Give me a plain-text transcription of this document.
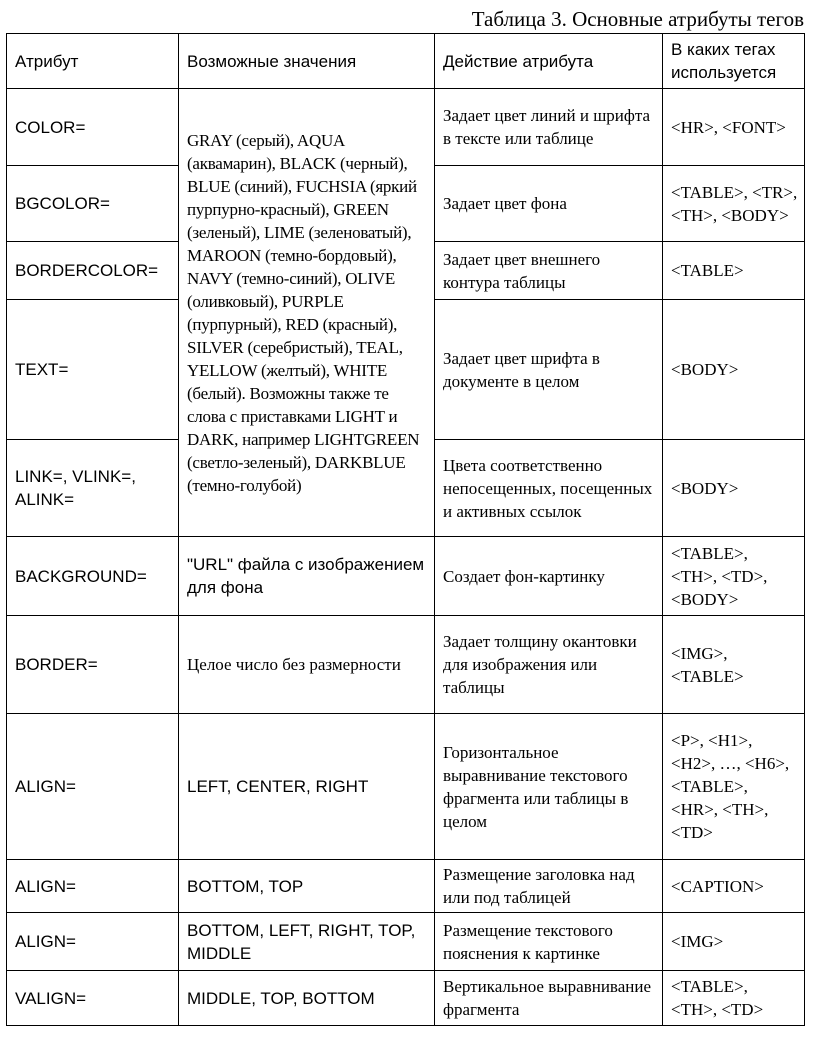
Таблица 3. Основные атрибуты тегов
Атрибут	Возможные значения	Действие атрибута	В каких тегах используется
COLOR=	GRAY (серый), AQUA (аквамарин), BLACK (черный), BLUE (синий), FUCHSIA (яркий пурпурно-красный), GREEN (зеленый), LIME (зеленоватый), MAROON (темно-бордовый), NAVY (темно-синий), OLIVE (оливковый), PURPLE (пурпурный), RED (красный), SILVER (серебристый), TEAL, YELLOW (желтый), WHITE (белый). Возможны также те слова с приставками LIGHT и DARK, например LIGHTGREEN (светло-зеленый), DARKBLUE (темно-голубой)	Задает цвет линий и шрифта в тексте или таблице	<HR>, <FONT>
BGCOLOR=		Задает цвет фона	<TABLE>, <TR>, <TH>, <BODY>
BORDERCOLOR=		Задает цвет внешнего контура таблицы	<TABLE>
TEXT=		Задает цвет шрифта в документе в целом	<BODY>
LINK=, VLINK=, ALINK=		Цвета соответственно непосещенных, посещенных и активных ссылок	<BODY>
BACKGROUND=	"URL" файла с изображением для фона	Создает фон-картинку	<TABLE>, <TH>, <TD>, <BODY>
BORDER=	Целое число без размерности	Задает толщину окантовки для изображения или таблицы	<IMG>, <TABLE>
ALIGN=	LEFT, CENTER, RIGHT	Горизонтальное выравнивание текстового фрагмента или таблицы в целом	<P>, <H1>, <H2>, …, <H6>, <TABLE>, <HR>, <TH>, <TD>
ALIGN=	BOTTOM, TOP	Размещение заголовка над или под таблицей	<CAPTION>
ALIGN=	BOTTOM, LEFT, RIGHT, TOP, MIDDLE	Размещение текстового пояснения к картинке	<IMG>
VALIGN=	MIDDLE, TOP, BOTTOM	Вертикальное выравнивание фрагмента	<TABLE>, <TH>, <TD>
